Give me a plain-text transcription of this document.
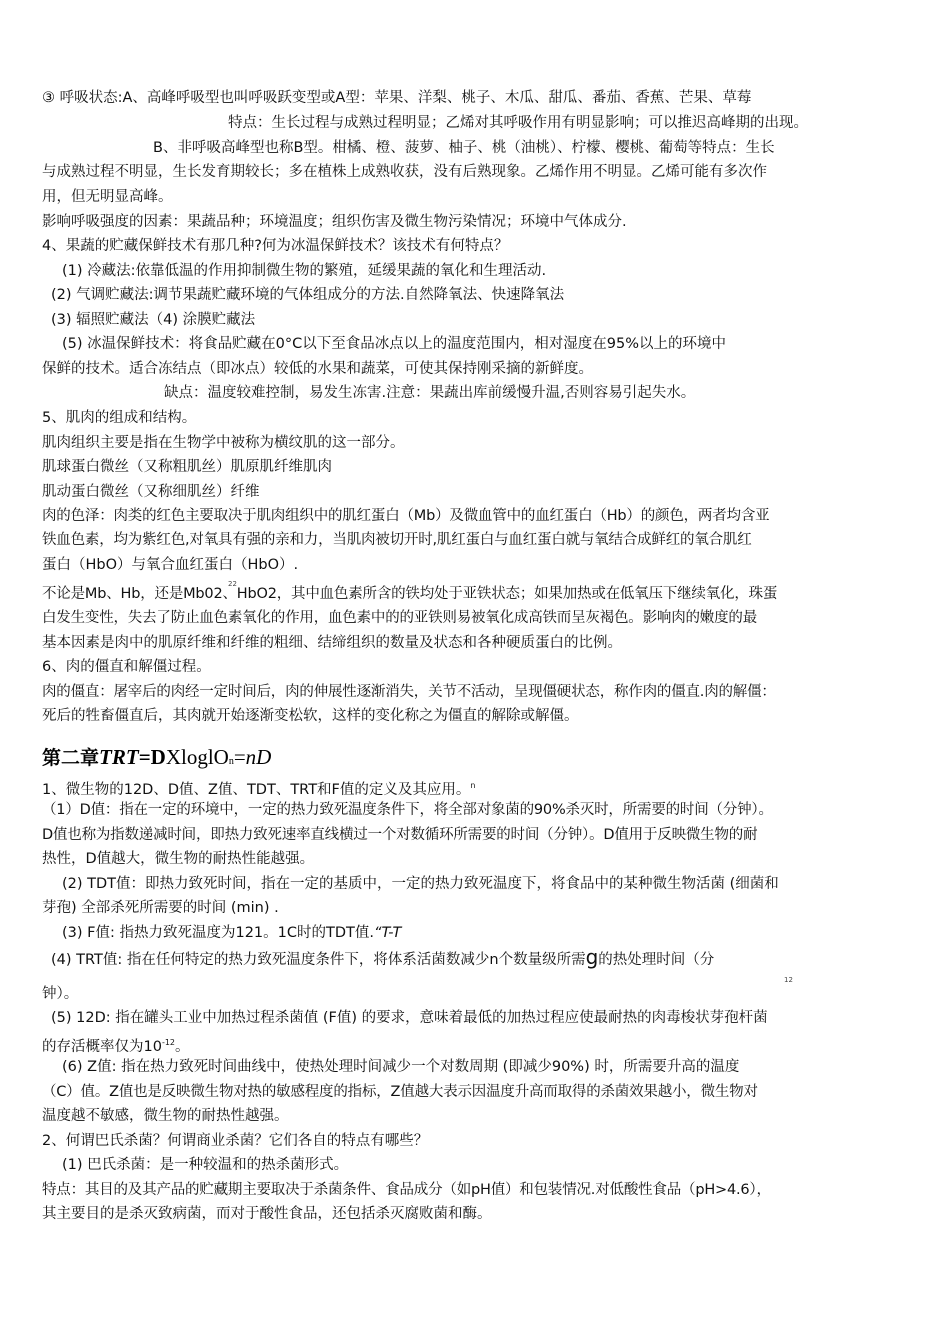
③ 呼吸状态:A、高峰呼吸型也叫呼吸跃变型或A型：苹果、洋梨、桃子、木瓜、甜瓜、番茄、香蕉、芒果、草莓
特点：生长过程与成熟过程明显；乙烯对其呼吸作用有明显影响；可以推迟高峰期的出现。
B、非呼吸高峰型也称B型。柑橘、橙、菠萝、柚子、桃（油桃）、柠檬、樱桃、葡萄等特点：生长
与成熟过程不明显，生长发育期较长；多在植株上成熟收获，没有后熟现象。乙烯作用不明显。乙烯可能有多次作
用，但无明显高峰。
影响呼吸强度的因素：果蔬品种；环境温度；组织伤害及微生物污染情况；环境中气体成分.
4、果蔬的贮藏保鲜技术有那几种?何为冰温保鲜技术？该技术有何特点？
(1) 冷藏法:依靠低温的作用抑制微生物的繁殖，延缓果蔬的氧化和生理活动.
(2) 气调贮藏法:调节果蔬贮藏环境的气体组成分的方法.自然降氧法、快速降氧法
(3) 辐照贮藏法（4) 涂膜贮藏法
(5) 冰温保鲜技术：将食品贮藏在0°C以下至食品冰点以上的温度范围内，相对湿度在95%以上的环境中
保鲜的技术。适合冻结点（即冰点）较低的水果和蔬菜，可使其保持刚采摘的新鲜度。
缺点：温度较难控制，易发生冻害.注意：果蔬出库前缓慢升温,否则容易引起失水。
5、肌肉的组成和结构。
肌肉组织主要是指在生物学中被称为横纹肌的这一部分。
肌球蛋白微丝（又称粗肌丝）肌原肌纤维肌肉
肌动蛋白微丝（又称细肌丝）纤维
肉的色泽：肉类的红色主要取决于肌肉组织中的肌红蛋白（Mb）及微血管中的血红蛋白（Hb）的颜色，两者均含亚
铁血色素，均为紫红色,对氧具有强的亲和力，当肌肉被切开时,肌红蛋白与血红蛋白就与氧结合成鲜红的氧合肌红
蛋白（HbO）与氧合血红蛋白（HbO）.
22
不论是Mb、Hb，还是Mb02、HbO2，其中血色素所含的铁均处于亚铁状态；如果加热或在低氧压下继续氧化，珠蛋
白发生变性，失去了防止血色素氧化的作用，血色素中的的亚铁则易被氧化成高铁而呈灰褐色。影响肉的嫩度的最
基本因素是肉中的肌原纤维和纤维的粗细、结缔组织的数量及状态和各种硬质蛋白的比例。
6、肉的僵直和解僵过程。
肉的僵直：屠宰后的肉经一定时间后，肉的伸展性逐渐消失，关节不活动，呈现僵硬状态，称作肉的僵直.肉的解僵：
死后的牲畜僵直后，其肉就开始逐渐变松软，这样的变化称之为僵直的解除或解僵。
第二章TRT=DXloglOn=nD
1、微生物的12D、D值、Z值、TDT、TRT和F值的定义及其应用。$^n$
（1）D值：指在一定的环境中，一定的热力致死温度条件下，将全部对象菌的90%杀灭时，所需要的时间（分钟）。
D值也称为指数递减时间，即热力致死速率直线横过一个对数循环所需要的时间（分钟）。D值用于反映微生物的耐
热性，D值越大，微生物的耐热性能越强。
(2) TDT值：即热力致死时间，指在一定的基质中，一定的热力致死温度下，将食品中的某种微生物活菌 (细菌和
芽孢) 全部杀死所需要的时间 (min) .
(3) F值: 指热力致死温度为121。1C时的TDT值.“T-T
(4) TRT值: 指在任何特定的热力致死温度条件下，将体系活菌数减少n个数量级所需g的热处理时间（分
12
钟）。
(5) 12D: 指在罐头工业中加热过程杀菌值 (F值) 的要求，意味着最低的加热过程应使最耐热的肉毒梭状芽孢杆菌
的存活概率仅为$10^{-12}$。
(6) Z值: 指在热力致死时间曲线中，使热处理时间减少一个对数周期 (即减少90%) 时，所需要升高的温度
（C）值。Z值也是反映微生物对热的敏感程度的指标，Z值越大表示因温度升高而取得的杀菌效果越小，微生物对
温度越不敏感，微生物的耐热性越强。
2、何谓巴氏杀菌？何谓商业杀菌？它们各自的特点有哪些？
(1) 巴氏杀菌：是一种较温和的热杀菌形式。
特点：其目的及其产品的贮藏期主要取决于杀菌条件、食品成分（如pH值）和包装情况.对低酸性食品（pH>4.6），
其主要目的是杀灭致病菌，而对于酸性食品，还包括杀灭腐败菌和酶。
